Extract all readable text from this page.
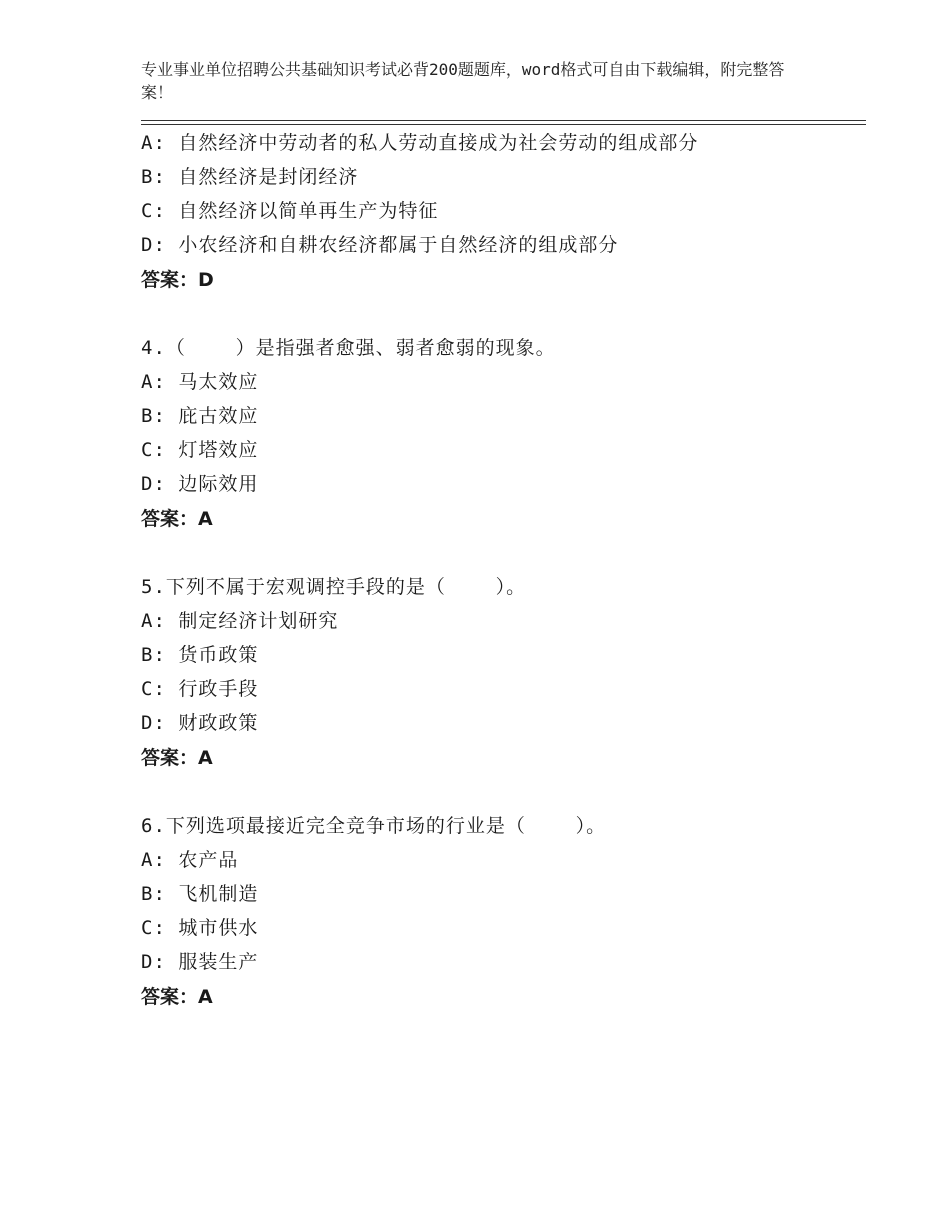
专业事业单位招聘公共基础知识考试必背200题题库，word格式可自由下载编辑，附完整答案！
A: 自然经济中劳动者的私人劳动直接成为社会劳动的组成部分
B: 自然经济是封闭经济
C: 自然经济以简单再生产为特征
D: 小农经济和自耕农经济都属于自然经济的组成部分
答案：D
4.（    ）是指强者愈强、弱者愈弱的现象。
A: 马太效应
B: 庇古效应
C: 灯塔效应
D: 边际效用
答案：A
5.下列不属于宏观调控手段的是（    ）。
A: 制定经济计划研究
B: 货币政策
C: 行政手段
D: 财政政策
答案：A
6.下列选项最接近完全竞争市场的行业是（    ）。
A: 农产品
B: 飞机制造
C: 城市供水
D: 服装生产
答案：A
